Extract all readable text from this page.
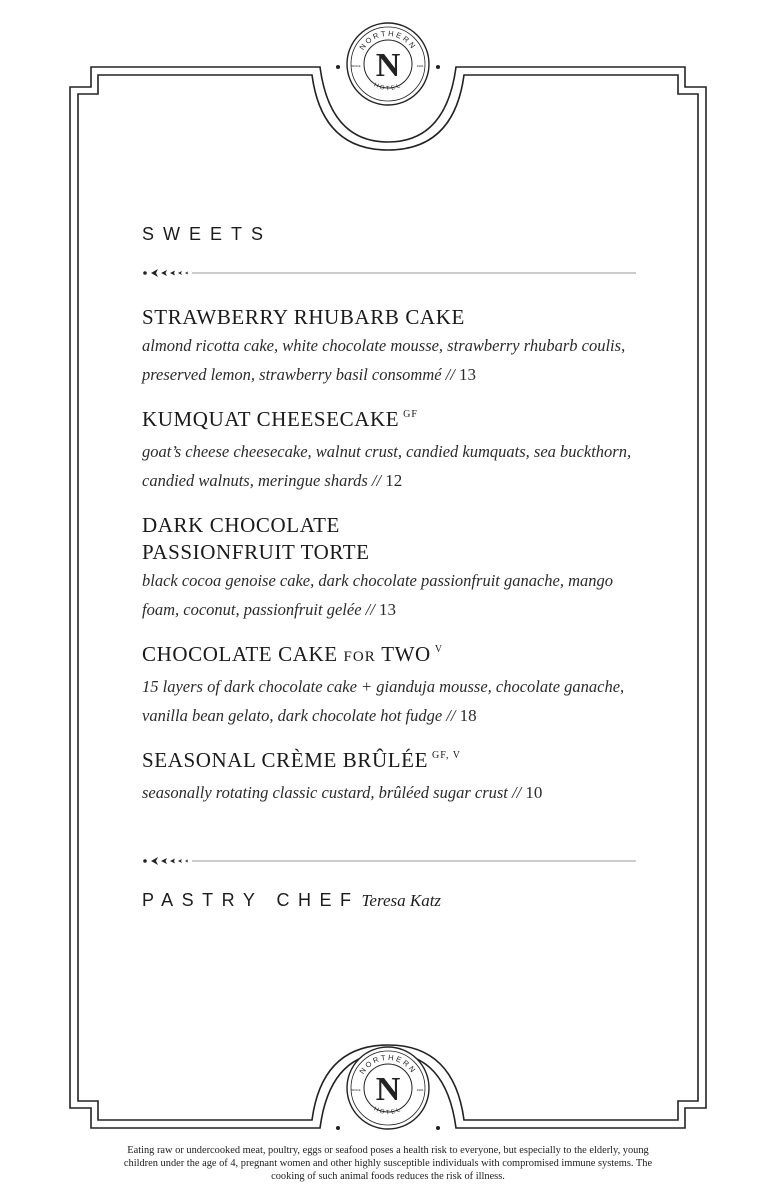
NORTHERN
HOTEL
N
SINCE	1902
SWEETS
STRAWBERRY RHUBARB CAKE

almond ricotta cake, white chocolate mousse, strawberry rhubarb coulis, preserved lemon, strawberry basil consommé // 13

KUMQUAT CHEESECAKE $^{GF}$

goat’s cheese cheesecake, walnut crust, candied kumquats, sea buckthorn, candied walnuts, meringue shards // 12

DARK CHOCOLATE
PASSIONFRUIT TORTE

black cocoa genoise cake, dark chocolate passionfruit ganache, mango foam, coconut, passionfruit gelée // 13

CHOCOLATE CAKE FOR TWO $^V$

15 layers of dark chocolate cake + gianduja mousse, chocolate ganache, vanilla bean gelato, dark chocolate hot fudge // 18

SEASONAL CRÈME BRÛLÉE $^{GF, V}$

seasonally rotating classic custard, brûléed sugar crust // 10

PASTRY CHEF Teresa Katz

NORTHERN
HOTEL
N
SINCE	1902

Eating raw or undercooked meat, poultry, eggs or seafood poses a health risk to everyone, but especially to the elderly, young children under the age of 4, pregnant women and other highly susceptible individuals with compromised immune systems. The cooking of such animal foods reduces the risk of illness.
